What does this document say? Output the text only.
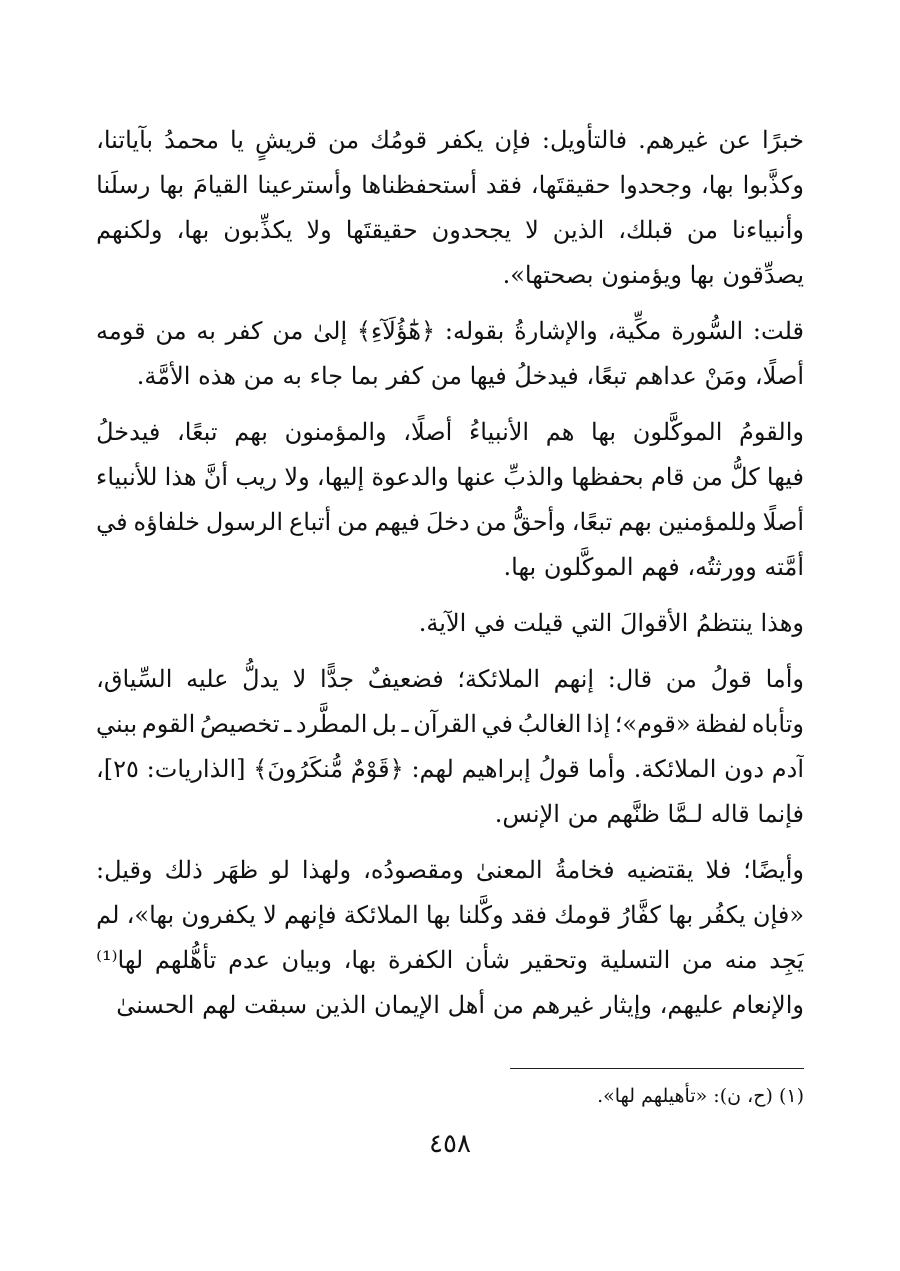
خبرًا
عن
غيرهم.
فالتأويل:
فإن
يكفر
قومُك
من
قريشٍ
يا
محمدُ
بآياتنا،
وكذَّبوا
بها،
وجحدوا
حقيقتَها،
فقد
أستحفظناها
وأسترعينا
القيامَ
بها
رسلَنا
وأنبياءنا
من
قبلك،
الذين
لا
يجحدون
حقيقتَها
ولا
يكذِّبون
بها،
ولكنهم
يصدِّقون
بها
ويؤمنون
بصحتها».
قلت:
السُّورة
مكِّية،
والإشارةُ
بقوله:
﴿هَٰٓؤُلَآءِ﴾
إلىٰ
من
كفر
به
من
قومه
أصلًا،
ومَنْ
عداهم
تبعًا،
فيدخلُ
فيها
من
كفر
بما
جاء
به
من
هذه
الأمَّة.
والقومُ
الموكَّلون
بها
هم
الأنبياءُ
أصلًا،
والمؤمنون
بهم
تبعًا،
فيدخلُ
فيها
كلُّ
من
قام
بحفظها
والذبِّ
عنها
والدعوة
إليها،
ولا
ريب
أنَّ
هذا
للأنبياء
أصلًا
وللمؤمنين
بهم
تبعًا،
وأحقُّ
من
دخلَ
فيهم
من
أتباع
الرسول
خلفاؤه
في
أمَّته
وورثتُه،
فهم
الموكَّلون
بها.
وهذا
ينتظمُ
الأقوالَ
التي
قيلت
في
الآية.
وأما
قولُ
من
قال:
إنهم
الملائكة؛
فضعيفٌ
جدًّا
لا
يدلُّ
عليه
السِّياق،
وتأباه
لفظة
«قوم»؛
إذا
الغالبُ
في
القرآن
ـ
بل
المطَّرد
ـ
تخصيصُ
القوم
ببني
آدم
دون
الملائكة.
وأما
قولُ
إبراهيم
لهم:
﴿قَوْمٌ
مُّنكَرُونَ﴾
[الذاريات:
٢٥]،
فإنما
قاله
لـمَّا
ظنَّهم
من
الإنس.
وأيضًا؛
فلا
يقتضيه
فخامةُ
المعنىٰ
ومقصودُه،
ولهذا
لو
ظهَر
ذلك
وقيل:
«فإن
يكفُر
بها
كفَّارُ
قومك
فقد
وكَّلنا
بها
الملائكة
فإنهم
لا
يكفرون
بها»،
لم
يَجِد
منه
من
التسلية
وتحقير
شأن
الكفرة
بها،
وبيان
عدم
تأهُّلهم
لها⁽¹⁾
والإنعام
عليهم،
وإيثار
غيرهم
من
أهل
الإيمان
الذين
سبقت
لهم
الحسنىٰ
(١) (ح، ن): «تأهيلهم لها».
٤٥٨
